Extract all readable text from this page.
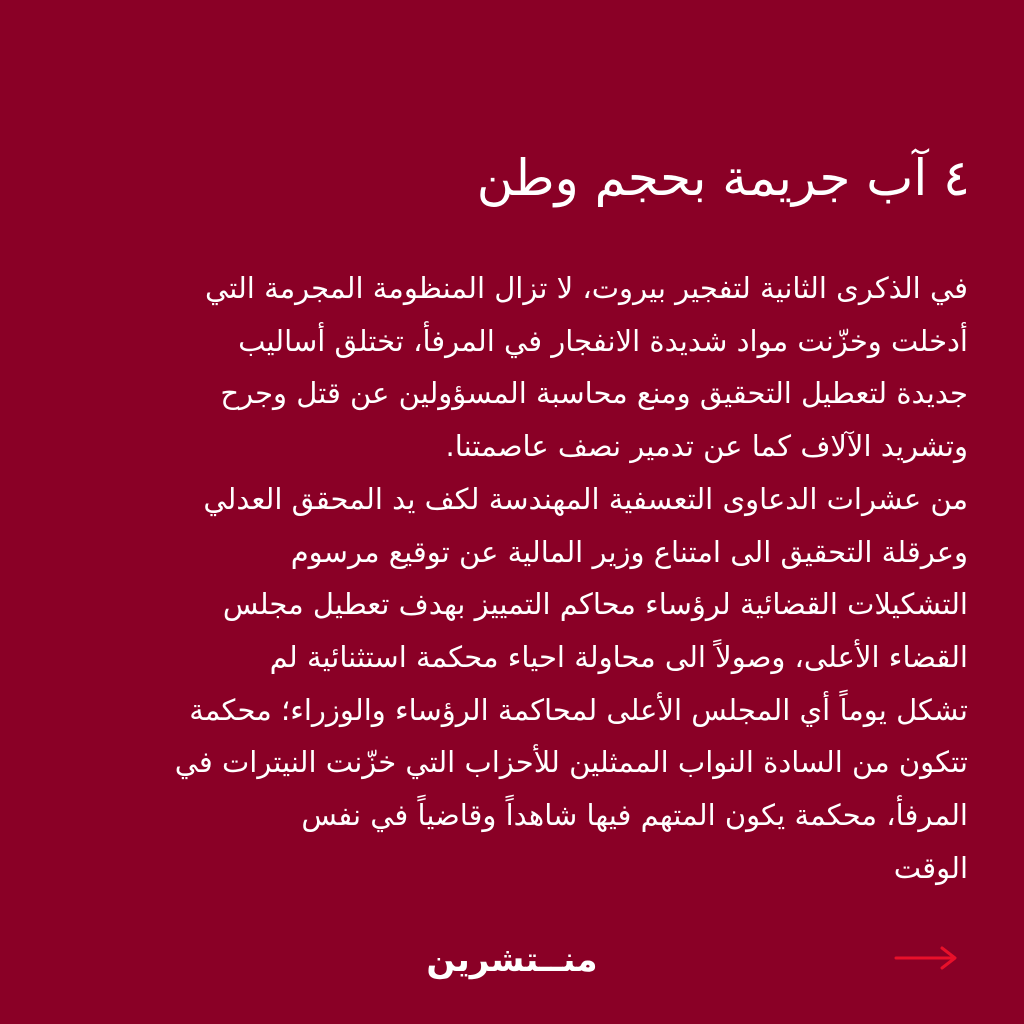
٤ آب جريمة بحجم وطن
في الذكرى الثانية لتفجير بيروت، لا تزال المنظومة المجرمة التي
أدخلت وخزّنت مواد شديدة الانفجار في المرفأ، تختلق أساليب
جديدة لتعطيل التحقيق ومنع محاسبة المسؤولين عن قتل وجرح
وتشريد الآلاف كما عن تدمير نصف عاصمتنا.
من عشرات الدعاوى التعسفية المهندسة لكف يد المحقق العدلي
وعرقلة التحقيق الى امتناع وزير المالية عن توقيع مرسوم
التشكيلات القضائية لرؤساء محاكم التمييز بهدف تعطيل مجلس
القضاء الأعلى، وصولاً الى محاولة احياء محكمة استثنائية لم
تشكل يوماً أي المجلس الأعلى لمحاكمة الرؤساء والوزراء؛ محكمة
تتكون من السادة النواب الممثلين للأحزاب التي خزّنت النيترات في
المرفأ، محكمة يكون المتهم فيها شاهداً وقاضياً في نفس
الوقت
منــتشرين
